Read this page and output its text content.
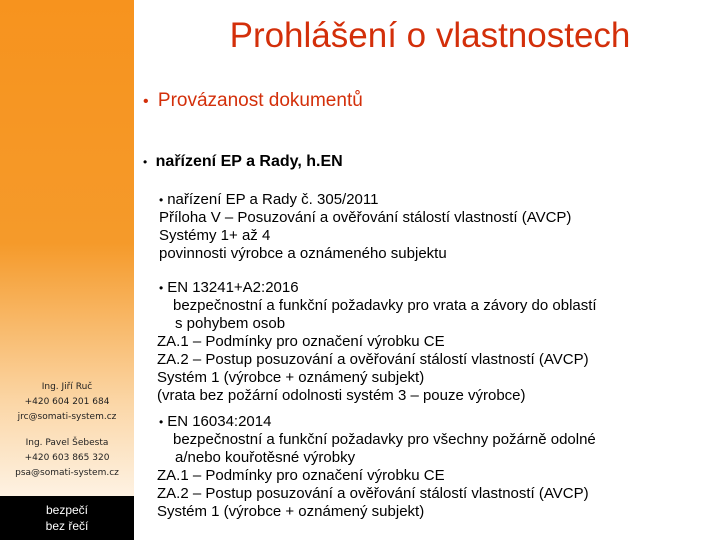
Ing. Jiří Ruč
+420 604 201 684
jrc@somati-system.cz
Ing. Pavel Šebesta
+420 603 865 320
psa@somati-system.cz
bezpečí
bez řečí
Prohlášení o vlastnostech
• Provázanost dokumentů
• nařízení EP a Rady, h.EN
• nařízení EP a Rady č. 305/2011
Příloha V – Posuzování a ověřování stálostí vlastností (AVCP)
Systémy 1+ až 4
povinnosti výrobce a oznámeného subjektu
• EN 13241+A2:2016
bezpečnostní a funkční požadavky pro vrata a závory do oblastí
s pohybem osob
ZA.1 – Podmínky pro označení výrobku CE
ZA.2 – Postup posuzování a ověřování stálostí vlastností (AVCP)
Systém 1 (výrobce + oznámený subjekt)
(vrata bez požární odolnosti systém 3 – pouze výrobce)
• EN 16034:2014
bezpečnostní a funkční požadavky pro všechny požárně odolné
a/nebo kouřotěsné výrobky
ZA.1 – Podmínky pro označení výrobku CE
ZA.2 – Postup posuzování a ověřování stálostí vlastností (AVCP)
Systém 1 (výrobce + oznámený subjekt)
